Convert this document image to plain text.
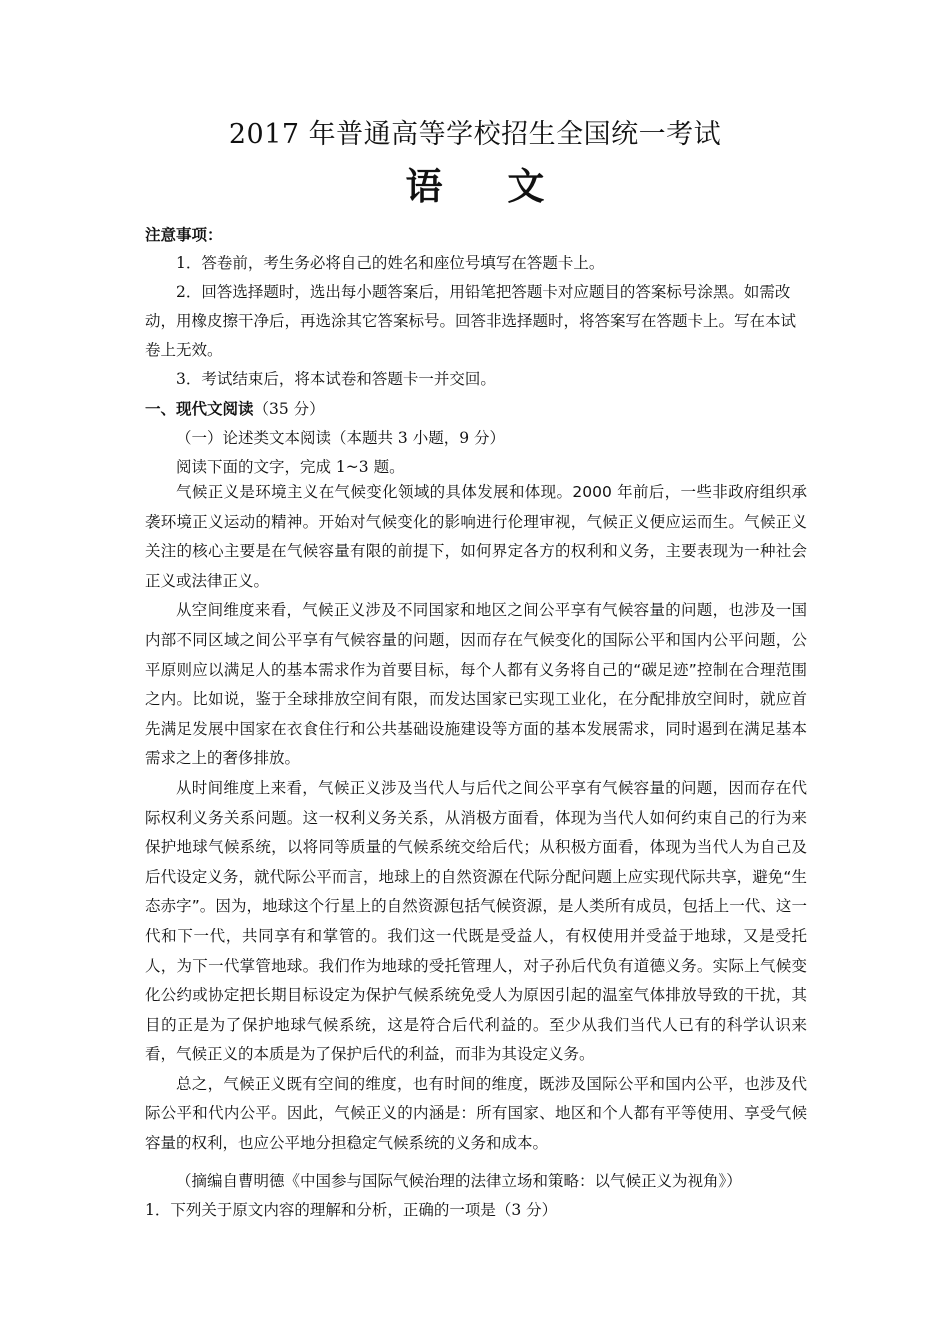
2017 年普通高等学校招生全国统一考试
语 文

注意事项：

1．答卷前，考生务必将自己的姓名和座位号填写在答题卡上。

2．回答选择题时，选出每小题答案后，用铅笔把答题卡对应题目的答案标号涂黑。如需改动，用橡皮擦干净后，再选涂其它答案标号。回答非选择题时，将答案写在答题卡上。写在本试卷上无效。

3．考试结束后，将本试卷和答题卡一并交回。

一、现代文阅读（35 分）

（一）论述类文本阅读（本题共 3 小题，9 分）

阅读下面的文字，完成 1~3 题。

气候正义是环境主义在气候变化领域的具体发展和体现。2000 年前后，一些非政府组织承袭环境正义运动的精神。开始对气候变化的影响进行伦理审视，气候正义便应运而生。气候正义关注的核心主要是在气候容量有限的前提下，如何界定各方的权利和义务，主要表现为一种社会正义或法律正义。

从空间维度来看，气候正义涉及不同国家和地区之间公平享有气候容量的问题，也涉及一国内部不同区域之间公平享有气候容量的问题，因而存在气候变化的国际公平和国内公平问题，公平原则应以满足人的基本需求作为首要目标，每个人都有义务将自己的“碳足迹”控制在合理范围之内。比如说，鉴于全球排放空间有限，而发达国家已实现工业化，在分配排放空间时，就应首先满足发展中国家在衣食住行和公共基础设施建设等方面的基本发展需求，同时遏到在满足基本需求之上的奢侈排放。

从时间维度上来看，气候正义涉及当代人与后代之间公平享有气候容量的问题，因而存在代际权利义务关系问题。这一权利义务关系，从消极方面看，体现为当代人如何约束自己的行为来保护地球气候系统，以将同等质量的气候系统交给后代；从积极方面看，体现为当代人为自己及后代设定义务，就代际公平而言，地球上的自然资源在代际分配问题上应实现代际共享，避免“生态赤字”。因为，地球这个行星上的自然资源包括气候资源，是人类所有成员，包括上一代、这一代和下一代，共同享有和掌管的。我们这一代既是受益人，有权使用并受益于地球，又是受托人，为下一代掌管地球。我们作为地球的受托管理人，对子孙后代负有道德义务。实际上气候变化公约或协定把长期目标设定为保护气候系统免受人为原因引起的温室气体排放导致的干扰，其目的正是为了保护地球气候系统，这是符合后代利益的。至少从我们当代人已有的科学认识来看，气候正义的本质是为了保护后代的利益，而非为其设定义务。

总之，气候正义既有空间的维度，也有时间的维度，既涉及国际公平和国内公平，也涉及代际公平和代内公平。因此，气候正义的内涵是：所有国家、地区和个人都有平等使用、享受气候容量的权利，也应公平地分担稳定气候系统的义务和成本。

（摘编自曹明德《中国参与国际气候治理的法律立场和策略：以气候正义为视角》）

1．下列关于原文内容的理解和分析，正确的一项是（3 分）
